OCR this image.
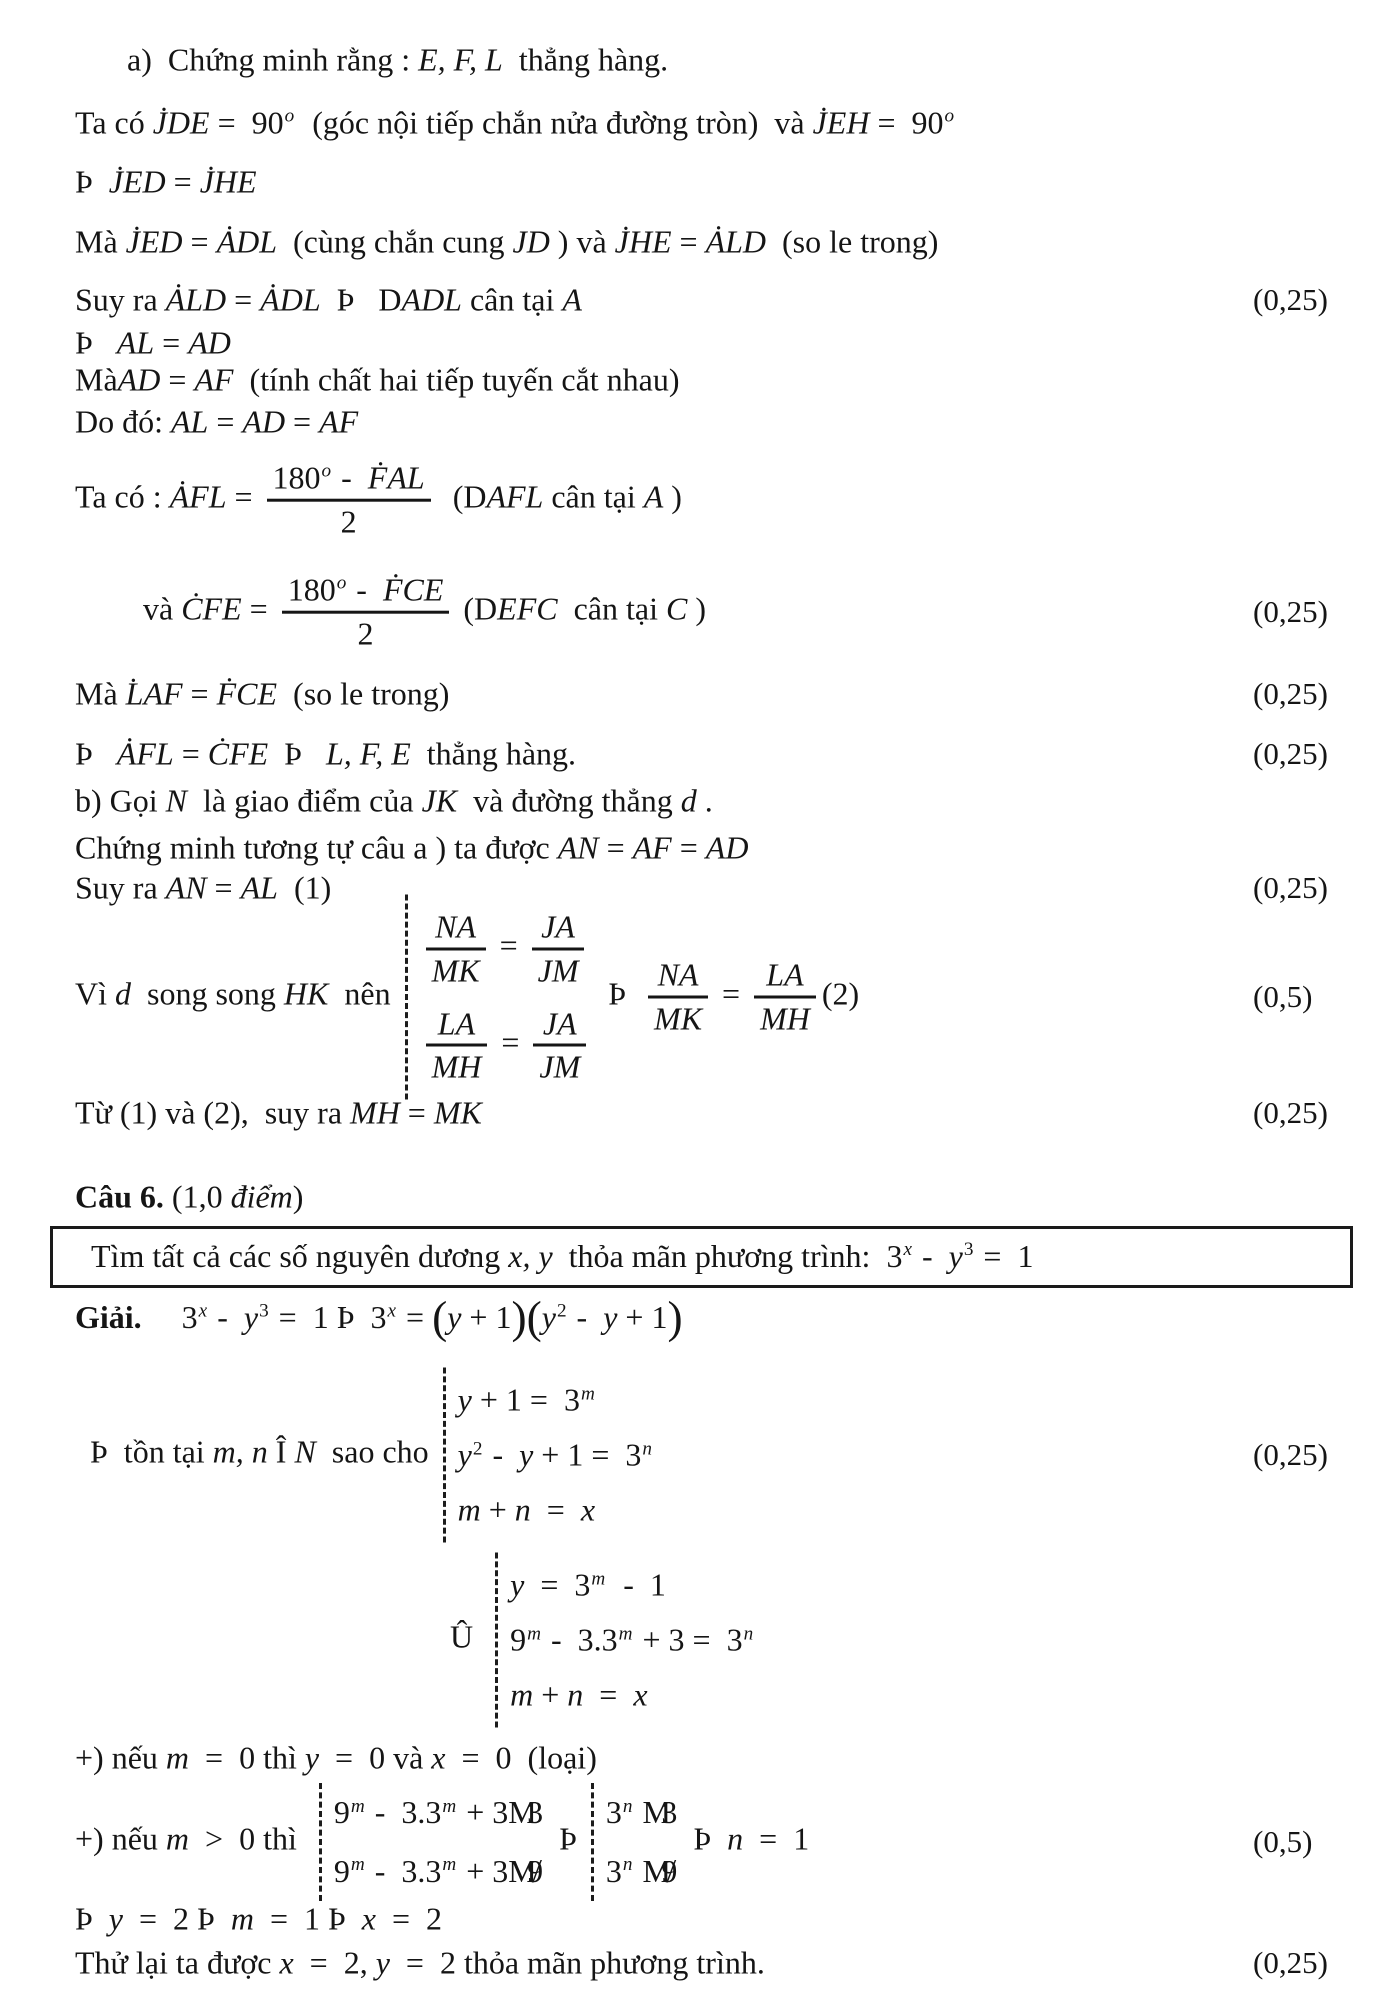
a)  Chứng minh rằng : E, F, L  thẳng hàng.
Ta có J̇DE =  90o  (góc nội tiếp chắn nửa đường tròn)  và J̇EH =  90o
Þ  J̇ED = J̇HE
Mà J̇ED = ȦDL  (cùng chắn cung JD ) và J̇HE = ȦLD  (so le trong)
Suy ra ȦLD = ȦDL  Þ   DADL cân tại A
Þ   AL = AD
MàAD = AF  (tính chất hai tiếp tuyến cắt nhau)
Do đó: AL = AD = AF
Ta có : ȦFL = $\frac{\text{180o -  ḞAL}}{2}$ (DAFL cân tại A )
và ĊFE = $\frac{\text{180o -  ḞCE}}{2}$ (DEFC  cân tại C )
Mà L̇AF = ḞCE  (so le trong)
Þ   ȦFL = ĊFE  Þ   L, F, E  thẳng hàng.
b) Gọi N  là giao điểm của JK  và đường thẳng d .
Chứng minh tương tự câu a ) ta được AN = AF = AD
Suy ra AN = AL  (1)
Vì d  song song HK  nên
$\frac{NA}{MK} = \frac{JA}{JM}$
$\frac{LA}{MH} = \frac{JA}{JM}$
Þ $\frac{NA}{MK} = \frac{LA}{MH} (2)$
Từ (1) và (2),  suy ra MH = MK
Câu 6. (1,0 điểm)
Tìm tất cả các số nguyên dương x, y  thỏa mãn phương trình:  3x -  y3 =  1
Giải.     3x -  y3 =  1 Þ  3x = (y + 1)(y2 -  y + 1)
Þ  tồn tại m, n Î N  sao cho
y + 1 =  3m
y2 -  y + 1 =  3n
m + n  =  x
Û
y  =  3m  -  1
9m -  3.3m + 3 =  3n
m + n  =  x
+) nếu m  =  0 thì y  =  0 và x  =  0  (loại)
+) nếu m  >  0 thì
9m -  3.3m + 3M3
9m -  3.3m + 3M̸9
Þ
3n M3
3n M̸9
Þ  n  =  1
Þ  y  =  2 Þ  m  =  1 Þ  x  =  2
Thử lại ta được x  =  2, y  =  2 thỏa mãn phương trình.
(0,25)
(0,25)
(0,25)
(0,25)
(0,25)
(0,5)
(0,25)
(0,25)
(0,5)
(0,25)
